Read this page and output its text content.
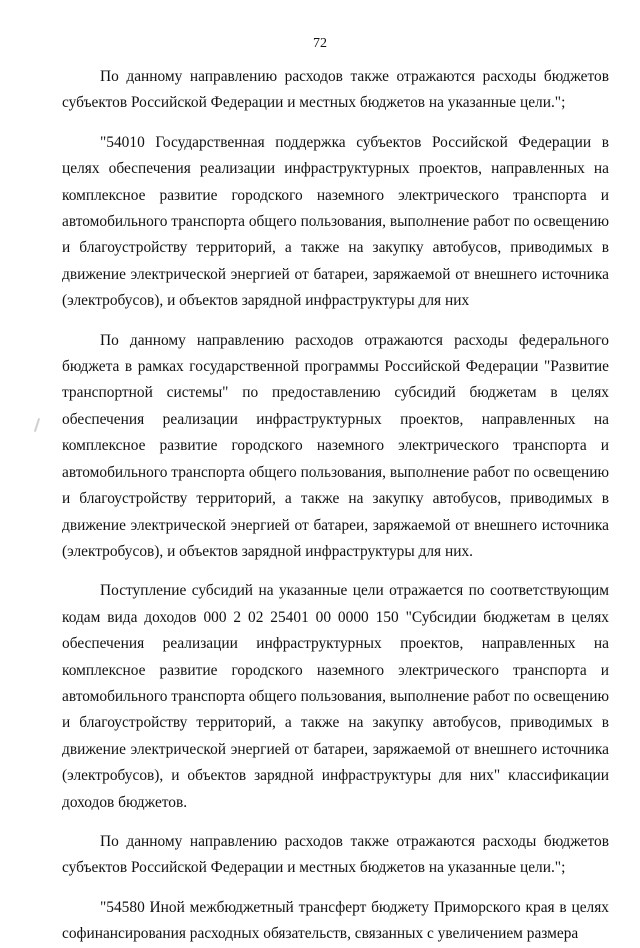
72

По данному направлению расходов также отражаются расходы бюджетов субъектов Российской Федерации и местных бюджетов на указанные цели.";

"54010 Государственная поддержка субъектов Российской Федерации в целях обеспечения реализации инфраструктурных проектов, направленных на комплексное развитие городского наземного электрического транспорта и автомобильного транспорта общего пользования, выполнение работ по освещению и благоустройству территорий, а также на закупку автобусов, приводимых в движение электрической энергией от батареи, заряжаемой от внешнего источника (электробусов), и объектов зарядной инфраструктуры для них

По данному направлению расходов отражаются расходы федерального бюджета в рамках государственной программы Российской Федерации "Развитие транспортной системы" по предоставлению субсидий бюджетам в целях обеспечения реализации инфраструктурных проектов, направленных на комплексное развитие городского наземного электрического транспорта и автомобильного транспорта общего пользования, выполнение работ по освещению и благоустройству территорий, а также на закупку автобусов, приводимых в движение электрической энергией от батареи, заряжаемой от внешнего источника (электробусов), и объектов зарядной инфраструктуры для них.

Поступление субсидий на указанные цели отражается по соответствующим кодам вида доходов 000 2 02 25401 00 0000 150 "Субсидии бюджетам в целях обеспечения реализации инфраструктурных проектов, направленных на комплексное развитие городского наземного электрического транспорта и автомобильного транспорта общего пользования, выполнение работ по освещению и благоустройству территорий, а также на закупку автобусов, приводимых в движение электрической энергией от батареи, заряжаемой от внешнего источника (электробусов), и объектов зарядной инфраструктуры для них" классификации доходов бюджетов.

По данному направлению расходов также отражаются расходы бюджетов субъектов Российской Федерации и местных бюджетов на указанные цели.";

"54580 Иной межбюджетный трансферт бюджету Приморского края в целях софинансирования расходных обязательств, связанных с увеличением размера
